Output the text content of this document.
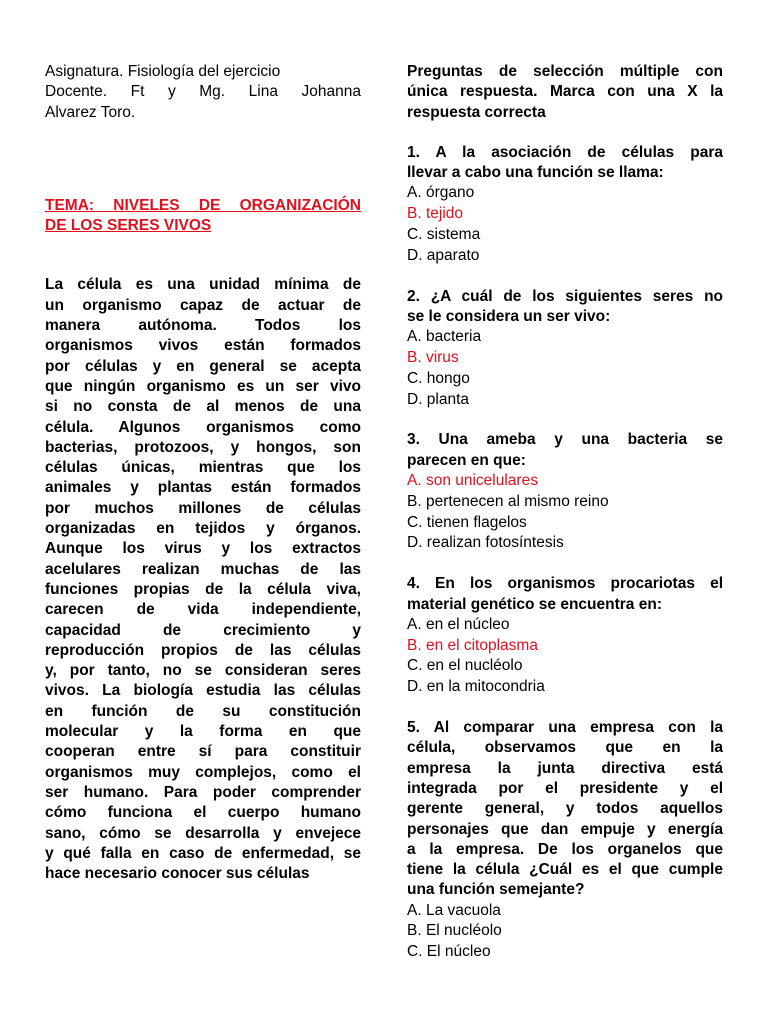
Asignatura. Fisiología del ejercicio
Docente. Ft y Mg. Lina Johanna
Alvarez Toro.
TEMA: NIVELES DE ORGANIZACIÓN
DE LOS SERES VIVOS
La célula es una unidad mínima de
un organismo capaz de actuar de
manera autónoma. Todos los
organismos vivos están formados
por células y en general se acepta
que ningún organismo es un ser vivo
si no consta de al menos de una
célula. Algunos organismos como
bacterias, protozoos, y hongos, son
células únicas, mientras que los
animales y plantas están formados
por muchos millones de células
organizadas en tejidos y órganos.
Aunque los virus y los extractos
acelulares realizan muchas de las
funciones propias de la célula viva,
carecen de vida independiente,
capacidad de crecimiento y
reproducción propios de las células
y, por tanto, no se consideran seres
vivos. La biología estudia las células
en función de su constitución
molecular y la forma en que
cooperan entre sí para constituir
organismos muy complejos, como el
ser humano. Para poder comprender
cómo funciona el cuerpo humano
sano, cómo se desarrolla y envejece
y qué falla en caso de enfermedad, se
hace necesario conocer sus células
Preguntas de selección múltiple con
única respuesta. Marca con una X la
respuesta correcta
1. A la asociación de células para
llevar a cabo una función se llama:
A. órgano
B. tejido
C. sistema
D. aparato
2. ¿A cuál de los siguientes seres no
se le considera un ser vivo:
A. bacteria
B. virus
C. hongo
D. planta
3. Una ameba y una bacteria se
parecen en que:
A. son unicelulares
B. pertenecen al mismo reino
C. tienen flagelos
D. realizan fotosíntesis
4. En los organismos procariotas el
material genético se encuentra en:
A. en el núcleo
B. en el citoplasma
C. en el nucléolo
D. en la mitocondria
5. Al comparar una empresa con la
célula, observamos que en la
empresa la junta directiva está
integrada por el presidente y el
gerente general, y todos aquellos
personajes que dan empuje y energía
a la empresa. De los organelos que
tiene la célula ¿Cuál es el que cumple
una función semejante?
A. La vacuola
B. El nucléolo
C. El núcleo
